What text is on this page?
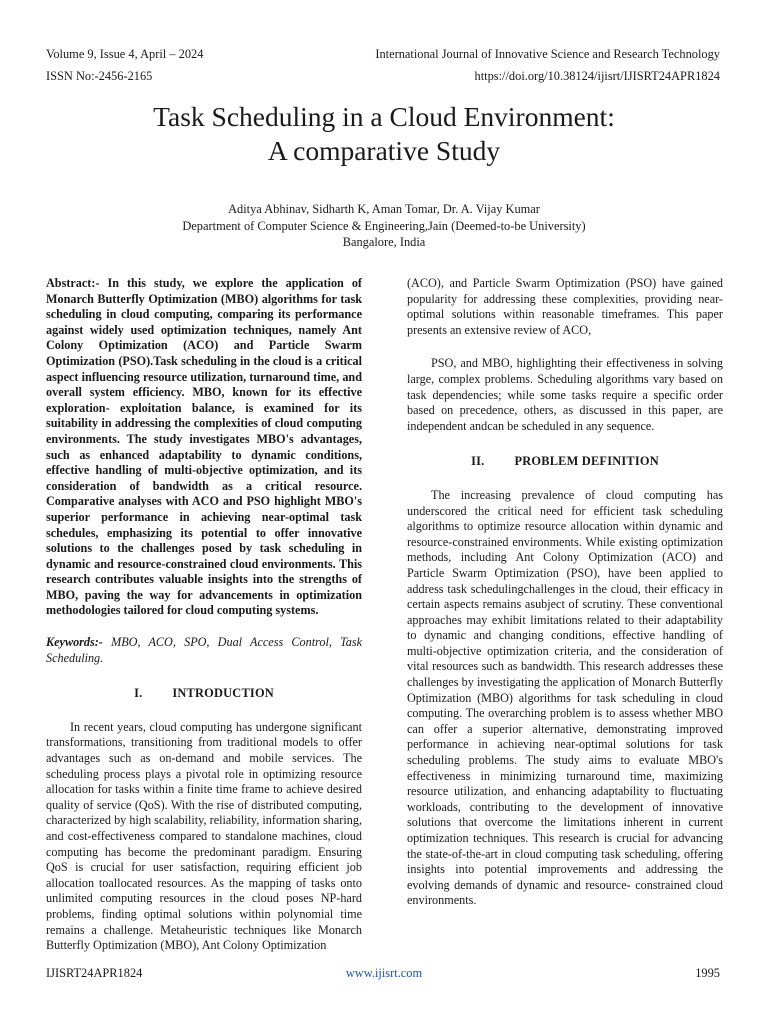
Volume 9, Issue 4, April – 2024	International Journal of Innovative Science and Research Technology
ISSN No:-2456-2165	https://doi.org/10.38124/ijisrt/IJISRT24APR1824
Task Scheduling in a Cloud Environment:
A comparative Study
Aditya Abhinav, Sidharth K, Aman Tomar, Dr. A. Vijay Kumar
Department of Computer Science & Engineering,Jain (Deemed-to-be University)
Bangalore, India

Abstract:- In this study, we explore the application of Monarch Butterfly Optimization (MBO) algorithms for task scheduling in cloud computing, comparing its performance against widely used optimization techniques, namely Ant Colony Optimization (ACO) and Particle Swarm Optimization (PSO).Task scheduling in the cloud is a critical aspect influencing resource utilization, turnaround time, and overall system efficiency. MBO, known for its effective exploration- exploitation balance, is examined for its suitability in addressing the complexities of cloud computing environments. The study investigates MBO's advantages, such as enhanced adaptability to dynamic conditions, effective handling of multi-objective optimization, and its consideration of bandwidth as a critical resource. Comparative analyses with ACO and PSO highlight MBO's superior performance in achieving near-optimal task schedules, emphasizing its potential to offer innovative solutions to the challenges posed by task scheduling in dynamic and resource-constrained cloud environments. This research contributes valuable insights into the strengths of MBO, paving the way for advancements in optimization methodologies tailored for cloud computing systems.

Keywords:- MBO, ACO, SPO, Dual Access Control, Task Scheduling.

I. INTRODUCTION

In recent years, cloud computing has undergone significant transformations, transitioning from traditional models to offer advantages such as on-demand and mobile services. The scheduling process plays a pivotal role in optimizing resource allocation for tasks within a finite time frame to achieve desired quality of service (QoS). With the rise of distributed computing, characterized by high scalability, reliability, information sharing, and cost-effectiveness compared to standalone machines, cloud computing has become the predominant paradigm. Ensuring QoS is crucial for user satisfaction, requiring efficient job allocation toallocated resources. As the mapping of tasks onto unlimited computing resources in the cloud poses NP-hard problems, finding optimal solutions within polynomial time remains a challenge. Metaheuristic techniques like Monarch Butterfly Optimization (MBO), Ant Colony Optimization

(ACO), and Particle Swarm Optimization (PSO) have gained popularity for addressing these complexities, providing near-optimal solutions within reasonable timeframes. This paper presents an extensive review of ACO,

PSO, and MBO, highlighting their effectiveness in solving large, complex problems. Scheduling algorithms vary based on task dependencies; while some tasks require a specific order based on precedence, others, as discussed in this paper, are independent andcan be scheduled in any sequence.

II. PROBLEM DEFINITION

The increasing prevalence of cloud computing has underscored the critical need for efficient task scheduling algorithms to optimize resource allocation within dynamic and resource-constrained environments. While existing optimization methods, including Ant Colony Optimization (ACO) and Particle Swarm Optimization (PSO), have been applied to address task schedulingchallenges in the cloud, their efficacy in certain aspects remains asubject of scrutiny. These conventional approaches may exhibit limitations related to their adaptability to dynamic and changing conditions, effective handling of multi-objective optimization criteria, and the consideration of vital resources such as bandwidth. This research addresses these challenges by investigating the application of Monarch Butterfly Optimization (MBO) algorithms for task scheduling in cloud computing. The overarching problem is to assess whether MBO can offer a superior alternative, demonstrating improved performance in achieving near-optimal solutions for task scheduling problems. The study aims to evaluate MBO's effectiveness in minimizing turnaround time, maximizing resource utilization, and enhancing adaptability to fluctuating workloads, contributing to the development of innovative solutions that overcome the limitations inherent in current optimization techniques. This research is crucial for advancing the state-of-the-art in cloud computing task scheduling, offering insights into potential improvements and addressing the evolving demands of dynamic and resource- constrained cloud environments.

IJISRT24APR1824	www.ijisrt.com	1995
